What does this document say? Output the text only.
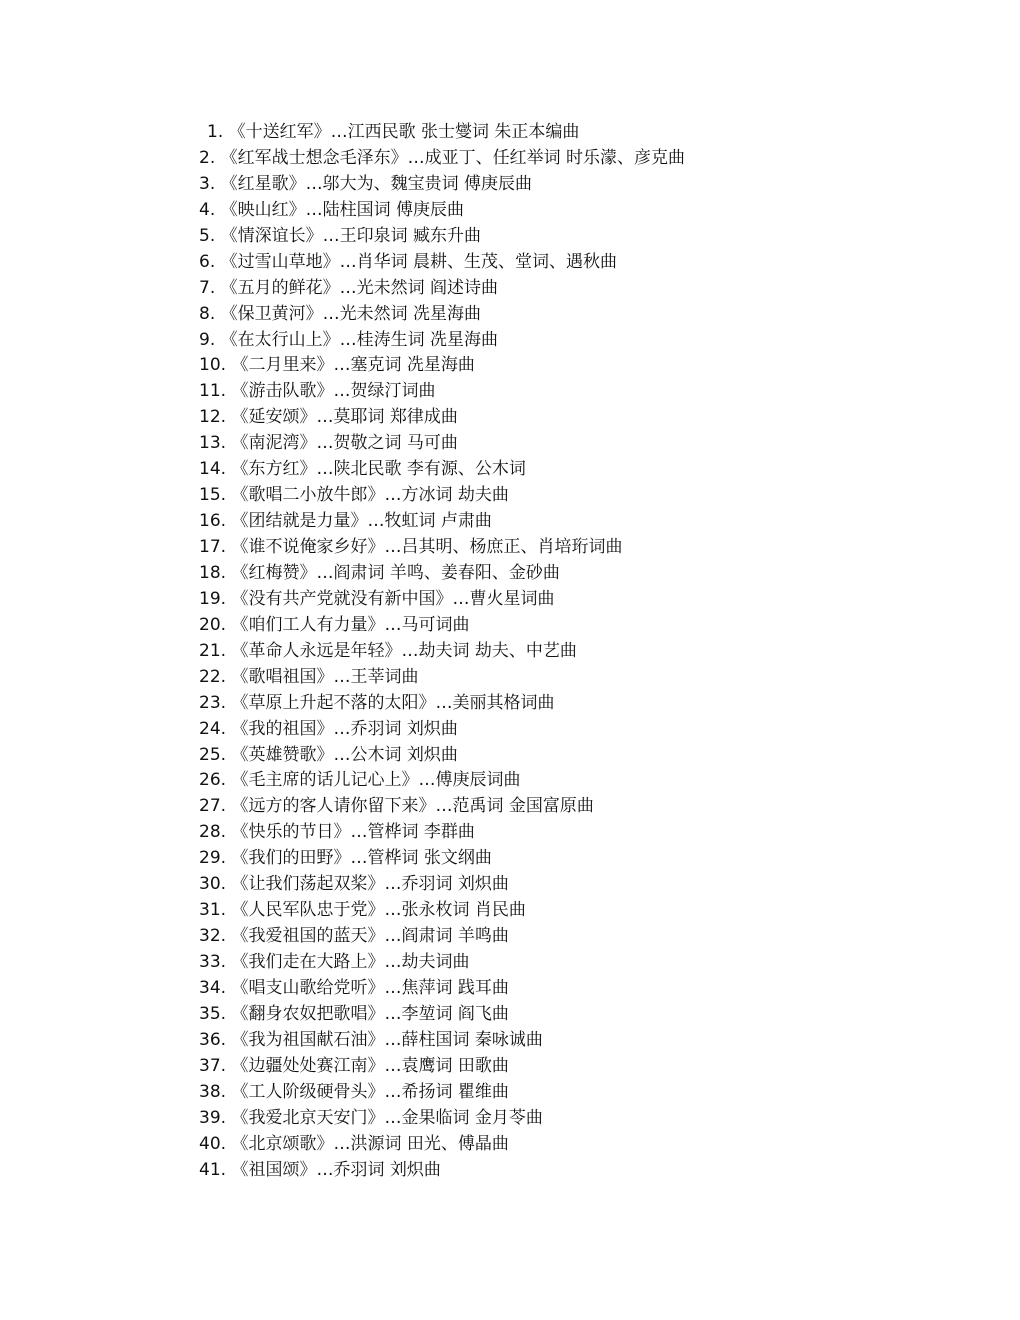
1. 《十送红军》…江西民歌 张士燮词 朱正本编曲
2. 《红军战士想念毛泽东》…成亚丁、任红举词 时乐濛、彦克曲
3. 《红星歌》…邬大为、魏宝贵词 傅庚辰曲
4. 《映山红》…陆柱国词 傅庚辰曲
5. 《情深谊长》…王印泉词 臧东升曲
6. 《过雪山草地》…肖华词 晨耕、生茂、堂词、遇秋曲
7. 《五月的鲜花》…光未然词 阎述诗曲
8. 《保卫黄河》…光未然词 冼星海曲
9. 《在太行山上》…桂涛生词 冼星海曲
10. 《二月里来》…塞克词 冼星海曲
11. 《游击队歌》…贺绿汀词曲
12. 《延安颂》…莫耶词 郑律成曲
13. 《南泥湾》…贺敬之词 马可曲
14. 《东方红》…陕北民歌 李有源、公木词
15. 《歌唱二小放牛郎》…方冰词 劫夫曲
16. 《团结就是力量》…牧虹词 卢肃曲
17. 《谁不说俺家乡好》…吕其明、杨庶正、肖培珩词曲
18. 《红梅赞》…阎肃词 羊鸣、姜春阳、金砂曲
19. 《没有共产党就没有新中国》…曹火星词曲
20. 《咱们工人有力量》…马可词曲
21. 《革命人永远是年轻》…劫夫词 劫夫、中艺曲
22. 《歌唱祖国》…王莘词曲
23. 《草原上升起不落的太阳》…美丽其格词曲
24. 《我的祖国》…乔羽词 刘炽曲
25. 《英雄赞歌》…公木词 刘炽曲
26. 《毛主席的话儿记心上》…傅庚辰词曲
27. 《远方的客人请你留下来》…范禹词 金国富原曲
28. 《快乐的节日》…管桦词 李群曲
29. 《我们的田野》…管桦词 张文纲曲
30. 《让我们荡起双桨》…乔羽词 刘炽曲
31. 《人民军队忠于党》…张永枚词 肖民曲
32. 《我爱祖国的蓝天》…阎肃词 羊鸣曲
33. 《我们走在大路上》…劫夫词曲
34. 《唱支山歌给党听》…焦萍词 践耳曲
35. 《翻身农奴把歌唱》…李堃词 阎飞曲
36. 《我为祖国献石油》…薛柱国词 秦咏诚曲
37. 《边疆处处赛江南》…袁鹰词 田歌曲
38. 《工人阶级硬骨头》…希扬词 瞿维曲
39. 《我爱北京天安门》…金果临词 金月苓曲
40. 《北京颂歌》…洪源词 田光、傅晶曲
41. 《祖国颂》…乔羽词 刘炽曲
